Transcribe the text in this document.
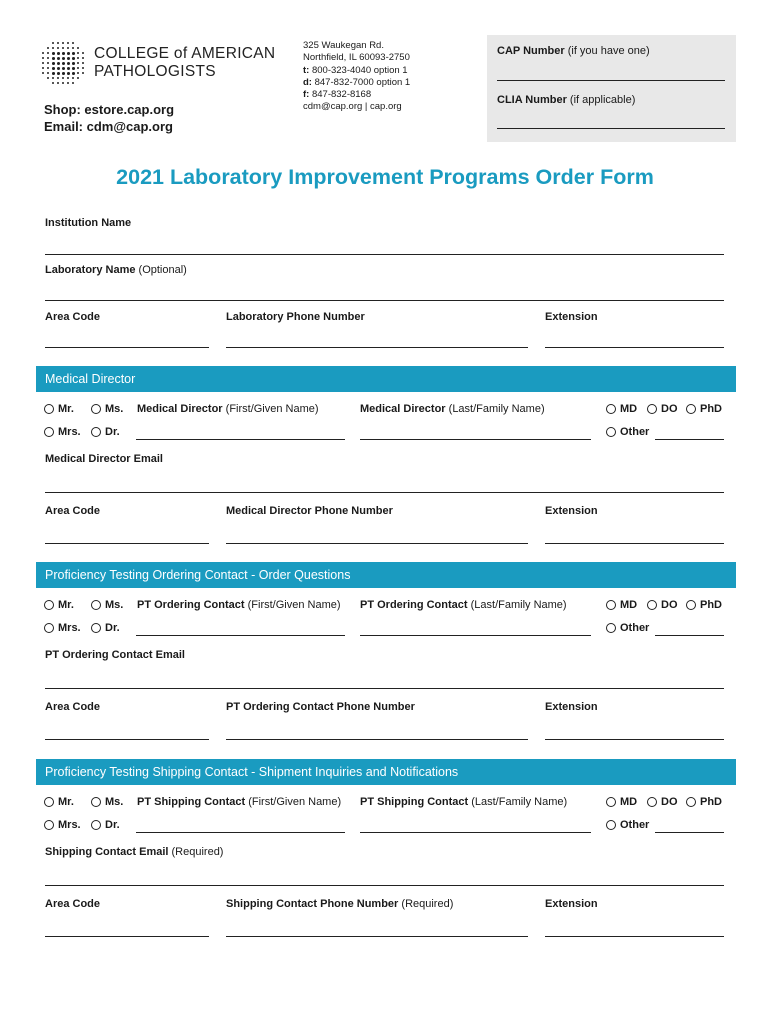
COLLEGE of AMERICAN
PATHOLOGISTS
Shop: estore.cap.org
Email: cdm@cap.org
325 Waukegan Rd.
Northfield, IL 60093-2750
t: 800-323-4040 option 1
d: 847-832-7000 option 1
f: 847-832-8168
cdm@cap.org | cap.org
CAP Number (if you have one)
CLIA Number (if applicable)
2021 Laboratory Improvement Programs Order Form
Institution Name
Laboratory Name (Optional)
Area Code	Laboratory Phone Number	Extension
Medical Director
Mr.	Ms. Medical Director (First/Given Name)	Medical Director (Last/Family Name)	MD DO PhD
Mrs. Dr.	Other
Medical Director Email
Area Code	Medical Director Phone Number	Extension
Proficiency Testing Ordering Contact - Order Questions
Mr.	Ms. PT Ordering Contact (First/Given Name) PT Ordering Contact (Last/Family Name)	MD DO PhD
Mrs. Dr.	Other
PT Ordering Contact Email
Area Code	PT Ordering Contact Phone Number	Extension
Proficiency Testing Shipping Contact - Shipment Inquiries and Notifications
Mr.	Ms. PT Shipping Contact (First/Given Name) PT Shipping Contact (Last/Family Name)	MD DO PhD
Mrs. Dr.	Other
Shipping Contact Email (Required)
Area Code	Shipping Contact Phone Number (Required)	Extension
